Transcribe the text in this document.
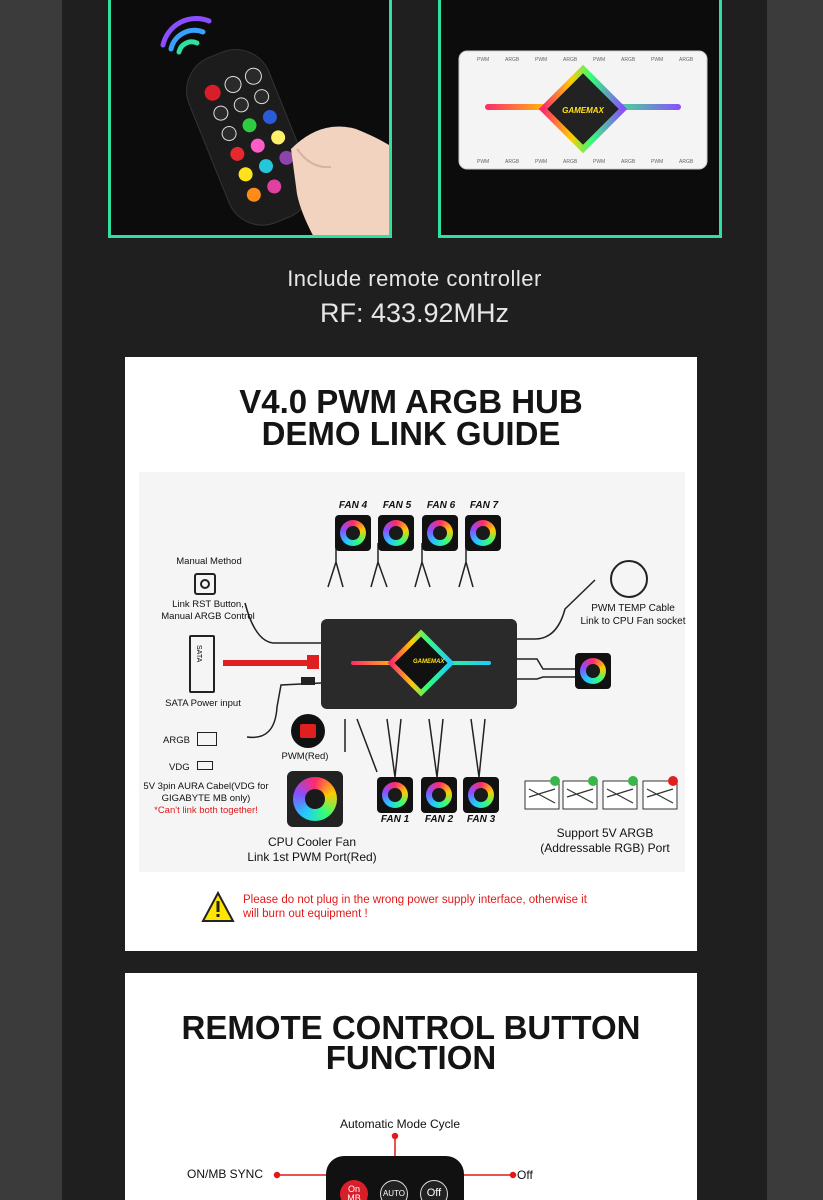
GAMEMAX
PWM	ARGB	PWM	ARGB	PWM	ARGB	PWM	ARGB
PWM	ARGB	PWM	ARGB	PWM	ARGB	PWM	ARGB
Include remote controller
RF: 433.92MHz
V4.0 PWM ARGB HUB
DEMO LINK GUIDE
FAN 4	FAN 5	FAN 6	FAN 7
GAMEMAX
Manual Method
Link RST Button,
Manual ARGB Control
SATA
SATA Power input
ARGB
VDG
5V 3pin AURA Cabel(VDG for
GIGABYTE MB only)
*Can't link both together!
PWM(Red)
CPU Cooler Fan
Link 1st PWM Port(Red)
FAN 1	FAN 2	FAN 3
PWM TEMP Cable
Link to CPU Fan socket
Support 5V ARGB
(Addressable RGB) Port
Please do not plug in the wrong power supply interface, otherwise it
will burn out equipment !
REMOTE CONTROL BUTTON
FUNCTION
Automatic Mode Cycle
ON/MB SYNC	Off
On
MB	AUTO	Off
